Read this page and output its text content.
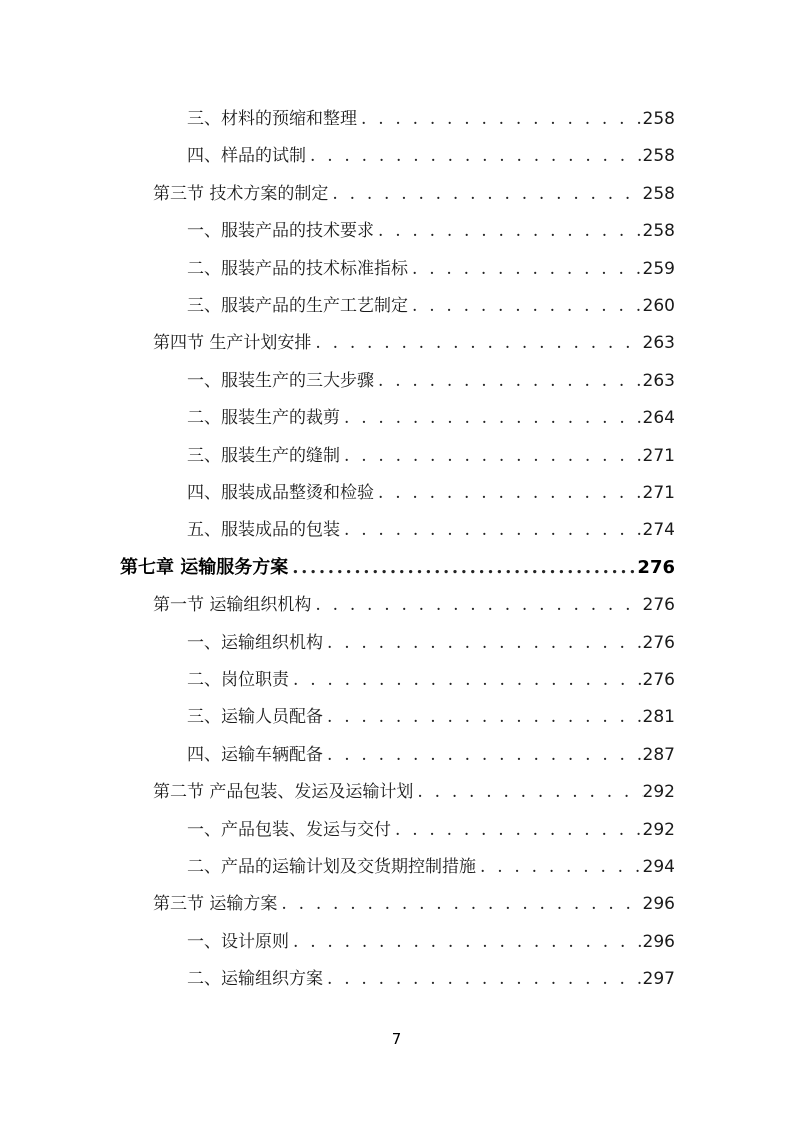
三、材料的预缩和整理 . . .	258
四、样品的试制 . . .	258
第三节 技术方案的制定 . . .	258
一、服装产品的技术要求 . . .	258
二、服装产品的技术标准指标 . . .	259
三、服装产品的生产工艺制定 . . .	260
第四节 生产计划安排 . . .	263
一、服装生产的三大步骤 . . .	263
二、服装生产的裁剪 . . .	264
三、服装生产的缝制 . . .	271
四、服装成品整烫和检验 . . .	271
五、服装成品的包装 . . .	274
第七章 运输服务方案 .....	276
第一节 运输组织机构 . . .	276
一、运输组织机构 . . .	276
二、岗位职责 . . .	276
三、运输人员配备 . . .	281
四、运输车辆配备 . . .	287
第二节 产品包装、发运及运输计划 . . .	292
一、产品包装、发运与交付 . . .	292
二、产品的运输计划及交货期控制措施 . . .	294
第三节 运输方案 . . .	296
一、设计原则 . . .	296
二、运输组织方案 . . .	297
7
